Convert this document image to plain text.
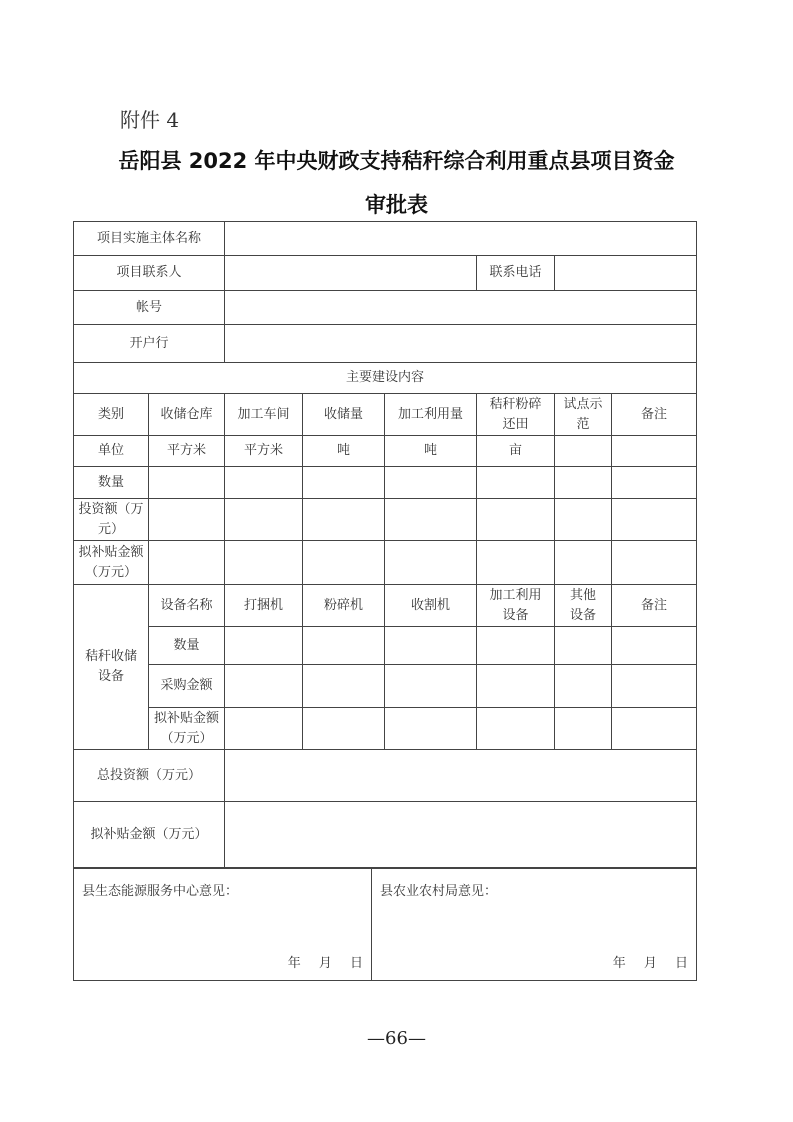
附件 4
岳阳县 2022 年中央财政支持秸秆综合利用重点县项目资金
审批表
项目实施主体名称							
项目联系人					联系电话		
帐号							
开户行							
主要建设内容							
类别	收储仓库	加工车间	收储量	加工利用量	秸秆粉碎还田	试点示范	备注
单位	平方米	平方米	吨	吨	亩		
数量							
投资额（万元）							
拟补贴金额（万元）							
秸秆收储设备	设备名称	打捆机	粉碎机	收割机	加工利用设备	其他设备	备注
	数量						
	采购金额						
	拟补贴金额（万元）						
总投资额（万元）							
拟补贴金额（万元）							
县生态能源服务中心意见：
年 月 日

县农业农村局意见：
年 月 日
—66—
